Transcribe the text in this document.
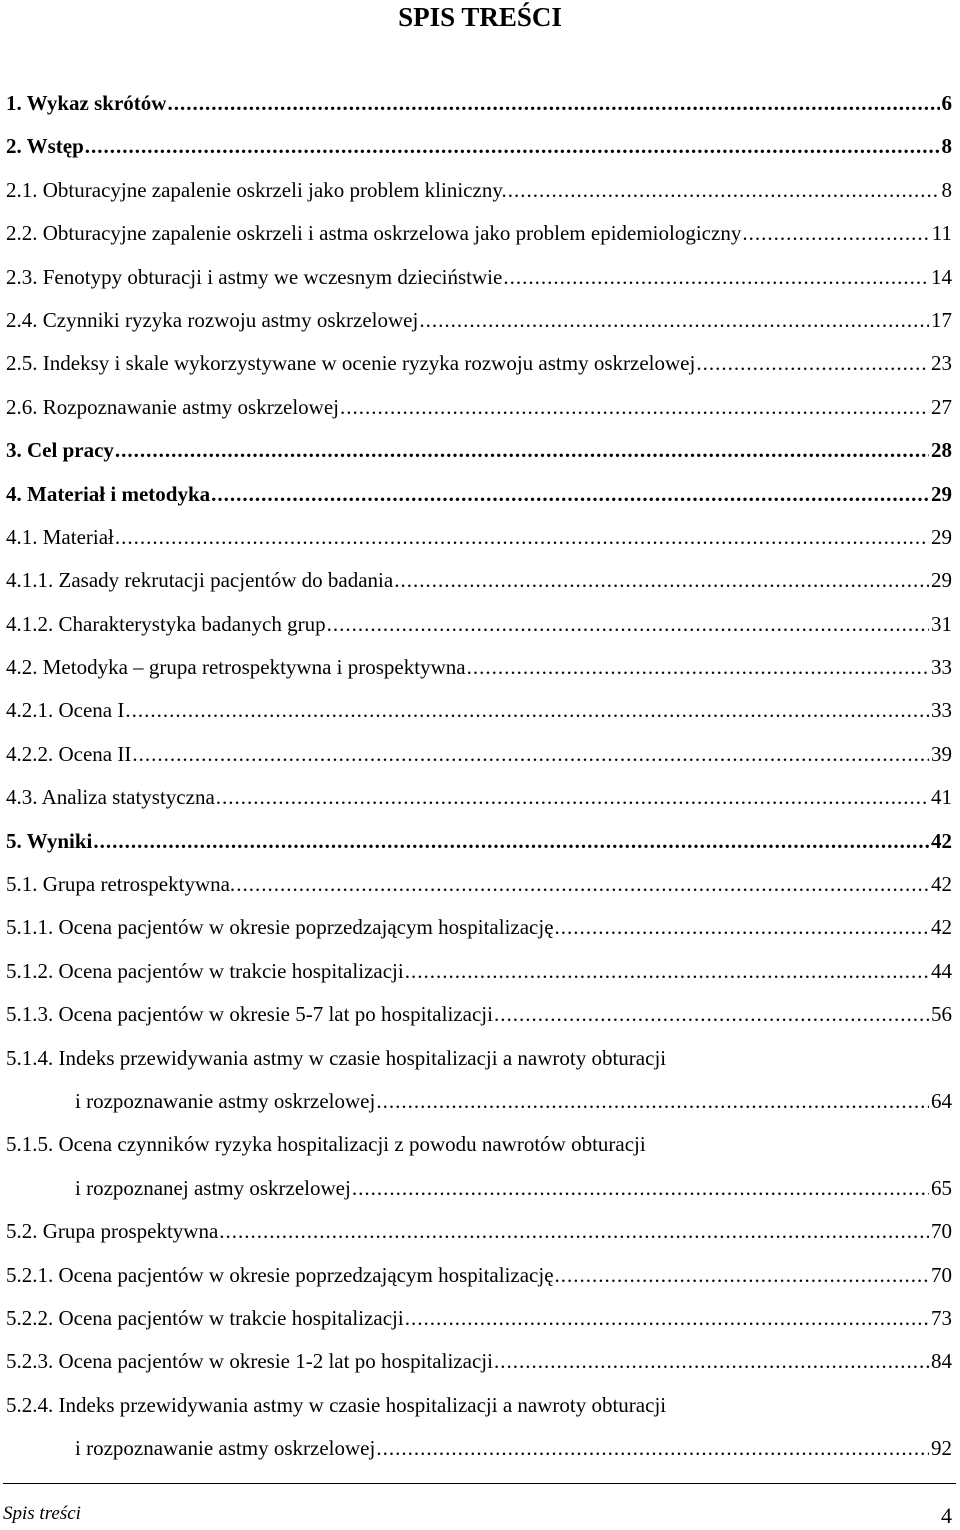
SPIS TREŚCI
1. Wykaz skrótów .....	6
2. Wstęp .....	8
2.1. Obturacyjne zapalenie oskrzeli jako problem kliniczny. .....	8
2.2. Obturacyjne zapalenie oskrzeli i astma oskrzelowa jako problem epidemiologiczny .....	11
2.3. Fenotypy obturacji i astmy we wczesnym dzieciństwie .....	14
2.4. Czynniki ryzyka rozwoju astmy oskrzelowej .....	17
2.5. Indeksy i skale wykorzystywane w ocenie ryzyka rozwoju astmy oskrzelowej .....	23
2.6. Rozpoznawanie astmy oskrzelowej .....	27
3. Cel pracy .....	28
4. Materiał i metodyka .....	29
4.1. Materiał .....	29
4.1.1. Zasady rekrutacji pacjentów do badania .....	29
4.1.2. Charakterystyka badanych grup .....	31
4.2. Metodyka – grupa retrospektywna i prospektywna .....	33
4.2.1. Ocena I .....	33
4.2.2. Ocena II .....	39
4.3. Analiza statystyczna .....	41
5. Wyniki .....	42
5.1. Grupa retrospektywna. .....	42
5.1.1. Ocena pacjentów w okresie poprzedzającym hospitalizację .....	42
5.1.2. Ocena pacjentów w trakcie hospitalizacji .....	44
5.1.3. Ocena pacjentów w okresie 5-7 lat po hospitalizacji .....	56
5.1.4. Indeks przewidywania astmy w czasie hospitalizacji a nawroty obturacji
i rozpoznawanie astmy oskrzelowej .....	64
5.1.5. Ocena czynników ryzyka hospitalizacji z powodu nawrotów obturacji
i rozpoznanej astmy oskrzelowej .....	65
5.2. Grupa prospektywna .....	70
5.2.1. Ocena pacjentów w okresie poprzedzającym hospitalizację .....	70
5.2.2. Ocena pacjentów w trakcie hospitalizacji .....	73
5.2.3. Ocena pacjentów w okresie 1-2 lat po hospitalizacji .....	84
5.2.4. Indeks przewidywania astmy w czasie hospitalizacji a nawroty obturacji
i rozpoznawanie astmy oskrzelowej .....	92
Spis treści	4
